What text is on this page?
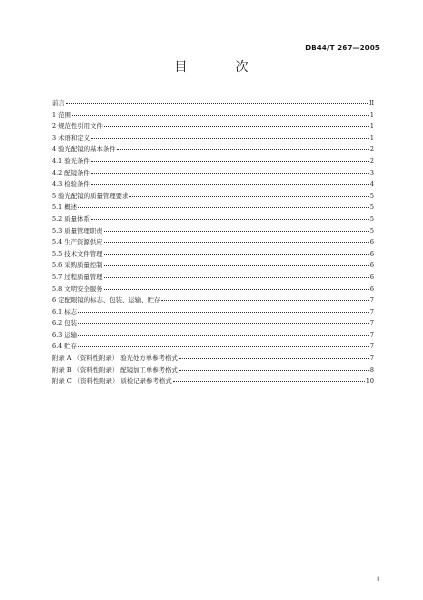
DB44/T 267—2005
目 次
前言	II
1 范围	1
2 规范性引用文件	1
3 术语和定义	1
4 验光配镜的基本条件	2
4.1 验光条件	2
4.2 配镜条件	3
4.3 检验条件	4
5 验光配镜的质量管理要求	5
5.1 概述	5
5.2 质量体系	5
5.3 质量管理职责	5
5.4 生产资源供应	6
5.5 技术文件管理	6
5.6 采购质量控制	6
5.7 过程质量管理	6
5.8 文明安全服务	6
6 定配眼镜的标志、包装、运输、贮存	7
6.1 标志	7
6.2 包装	7
6.3 运输	7
6.4 贮存	7
附录 A （资料性附录） 验光处方单参考格式	7
附录 B （资料性附录） 配镜加工单参考格式	8
附录 C （资料性附录） 质检记录参考格式	10
I
